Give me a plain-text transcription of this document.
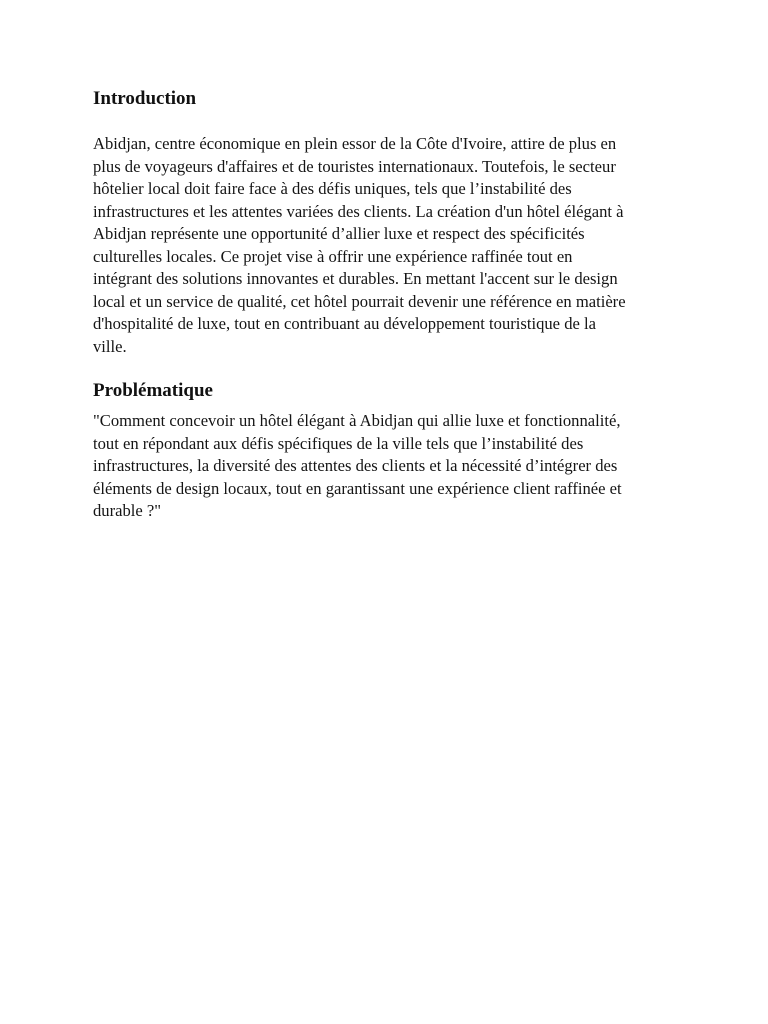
Introduction

Abidjan, centre économique en plein essor de la Côte d'Ivoire, attire de plus en
plus de voyageurs d'affaires et de touristes internationaux. Toutefois, le secteur
hôtelier local doit faire face à des défis uniques, tels que l’instabilité des
infrastructures et les attentes variées des clients. La création d'un hôtel élégant à
Abidjan représente une opportunité d’allier luxe et respect des spécificités
culturelles locales. Ce projet vise à offrir une expérience raffinée tout en
intégrant des solutions innovantes et durables. En mettant l'accent sur le design
local et un service de qualité, cet hôtel pourrait devenir une référence en matière
d'hospitalité de luxe, tout en contribuant au développement touristique de la
ville.

Problématique

"Comment concevoir un hôtel élégant à Abidjan qui allie luxe et fonctionnalité,
tout en répondant aux défis spécifiques de la ville tels que l’instabilité des
infrastructures, la diversité des attentes des clients et la nécessité d’intégrer des
éléments de design locaux, tout en garantissant une expérience client raffinée et
durable ?"
